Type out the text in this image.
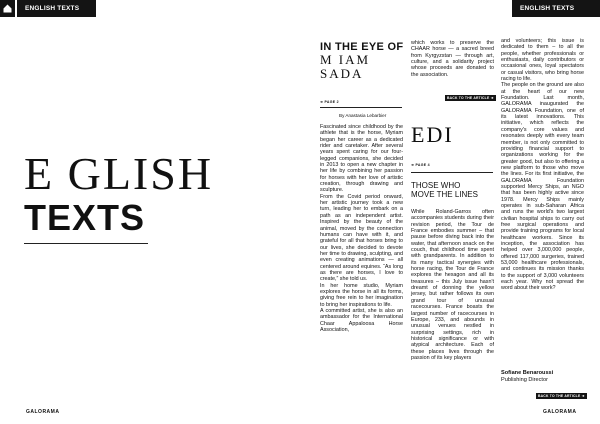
ENGLISH TEXTS	ENGLISH TEXTS
E GLISH
TEXTS
GALORAMA
IN THE EYE OF
M IAM
SADA
➜ PAGE 2
By Anastasia Lebarbier

Fascinated since childhood by the athlete that is the horse, Myriam began her career as a dedicated rider and caretaker. After several years spent caring for our four-legged companions, she decided in 2013 to open a new chapter in her life by combining her passion for horses with her love of artistic creation, through drawing and sculpture.
From the Covid period onward, her artistic journey took a new turn, leading her to embark on a path as an independent artist. Inspired by the beauty of the animal, moved by the connection humans can have with it, and grateful for all that horses bring to our lives, she decided to devote her time to drawing, sculpting, and even creating animations — all centered around equines. “As long as there are horses, I love to create,” she told us.
In her home studio, Myriam explores the horse in all its forms, giving free rein to her imagination to bring her inspirations to life.
A committed artist, she is also an ambassador for the International Chaar Appaloosa Horse Association,

which works to preserve the CHAAR horse — a sacred breed from Kyrgyzstan — through art, culture, and a solidarity project whose proceeds are donated to the association.

BACK TO THE ARTICLE ➜
EDI
➜ PAGE 4
THOSE WHO
MOVE THE LINES

While Roland-Garros often accompanies students during their revision period, the Tour de France embodies summer – that pause before diving back into the water, that afternoon snack on the couch, that childhood time spent with grandparents. In addition to its many tactical synergies with horse racing, the Tour de France explores the hexagon and all its treasures – this July issue hasn't dreamt of donning the yellow jersey, but rather follows its own grand tour of unusual racecourses. France boasts the largest number of racecourses in Europe, 233, and abounds in unusual venues nestled in surprising settings, rich in historical significance or with atypical architecture. Each of these places lives through the passion of its key players

and volunteers; this issue is dedicated to them – to all the people, whether professionals or enthusiasts, daily contributors or occasional ones, loyal spectators or casual visitors, who bring horse racing to life.
The people on the ground are also at the heart of our new Foundation. Last month, GALORAMA inaugurated the GALORAMA Foundation, one of its latest innovations. This initiative, which reflects the company's core values and resonates deeply with every team member, is not only committed to providing financial support to organizations working for the greater good, but also to offering a new platform to those who move the lines. For its first initiative, the GALORAMA Foundation supported Mercy Ships, an NGO that has been highly active since 1978. Mercy Ships mainly operates in sub-Saharan Africa and runs the world's two largest civilian hospital ships to carry out free surgical operations and provide training programs for local healthcare workers. Since its inception, the association has helped over 3,000,000 people, offered 117,000 surgeries, trained 53,000 healthcare professionals, and continues its mission thanks to the support of 3,000 volunteers each year. Why not spread the word about their work?

Sofiane Benaroussi
Publishing Director
BACK TO THE ARTICLE ➜
GALORAMA
